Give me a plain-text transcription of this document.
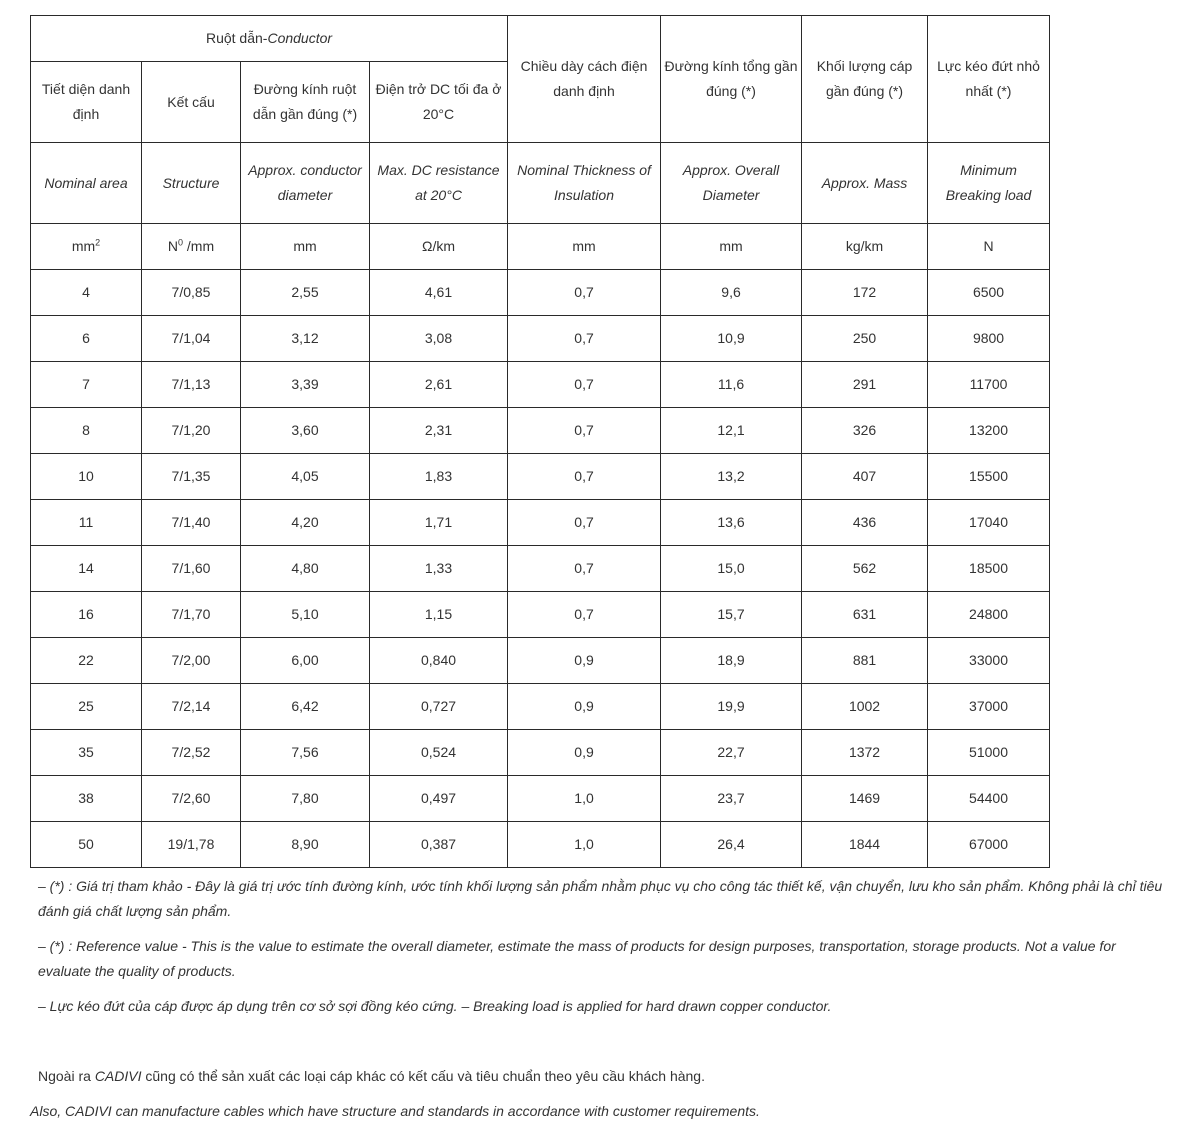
Ruột dẫn-Conductor				Chiều dày cách điện danh định	Đường kính tổng gần đúng (*)	Khối lượng cáp gần đúng (*)	Lực kéo đứt nhỏ nhất (*)
Tiết diện danh định	Kết cấu	Đường kính ruột dẫn gần đúng (*)	Điện trở DC tối đa ở 20°C				
Nominal area	Structure	Approx. conductor diameter	Max. DC resistance at 20°C	Nominal Thickness of Insulation	Approx. Overall Diameter	Approx. Mass	Minimum Breaking load
$mm^2$	$N^0$ /mm	mm	Ω/km	mm	mm	kg/km	N
4	7/0,85	2,55	4,61	0,7	9,6	172	6500
6	7/1,04	3,12	3,08	0,7	10,9	250	9800
7	7/1,13	3,39	2,61	0,7	11,6	291	11700
8	7/1,20	3,60	2,31	0,7	12,1	326	13200
10	7/1,35	4,05	1,83	0,7	13,2	407	15500
11	7/1,40	4,20	1,71	0,7	13,6	436	17040
14	7/1,60	4,80	1,33	0,7	15,0	562	18500
16	7/1,70	5,10	1,15	0,7	15,7	631	24800
22	7/2,00	6,00	0,840	0,9	18,9	881	33000
25	7/2,14	6,42	0,727	0,9	19,9	1002	37000
35	7/2,52	7,56	0,524	0,9	22,7	1372	51000
38	7/2,60	7,80	0,497	1,0	23,7	1469	54400
50	19/1,78	8,90	0,387	1,0	26,4	1844	67000

– (*) : Giá trị tham khảo - Đây là giá trị ước tính đường kính, ước tính khối lượng sản phẩm nhằm phục vụ cho công tác thiết kế, vận chuyển, lưu kho sản phẩm. Không phải là chỉ tiêu đánh giá chất lượng sản phẩm.

– (*) : Reference value - This is the value to estimate the overall diameter, estimate the mass of products for design purposes, transportation, storage products. Not a value for evaluate the quality of products.

– Lực kéo đứt của cáp được áp dụng trên cơ sở sợi đồng kéo cứng. – Breaking load is applied for hard drawn copper conductor.

Ngoài ra CADIVI cũng có thể sản xuất các loại cáp khác có kết cấu và tiêu chuẩn theo yêu cầu khách hàng.

Also, CADIVI can manufacture cables which have structure and standards in accordance with customer requirements.
